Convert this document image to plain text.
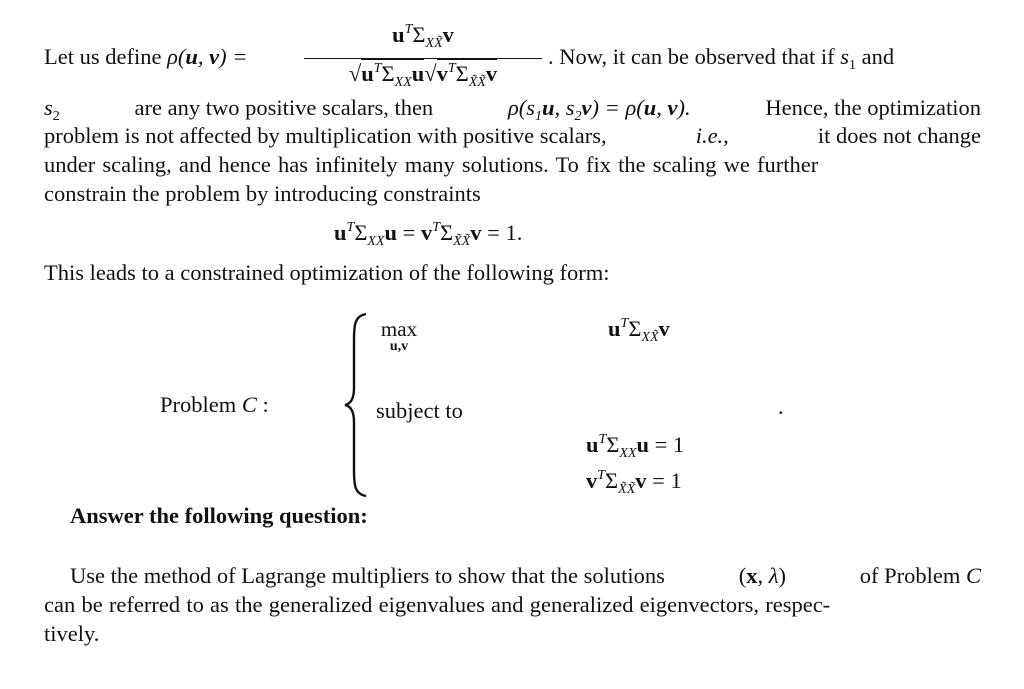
Let us define ρ(u, v) =
$u^T\Sigma_{XX̃}v$
$√u^T\Sigma_{XX}u√v^T\Sigma_{X̃X̃}v$
. Now, it can be observed that if $s_1$ and
$s_2$	are any two positive scalars, then	$\rho(s_1u$, $s_2v) = \rho(u$, v).	Hence, the optimization
problem is not affected by multiplication with positive scalars,	i.e.,	it does not change
under scaling, and hence has infinitely many solutions. To fix the scaling we further
constrain the problem by introducing constraints
$u^T\Sigma_{XX}u = v^T\Sigma_{X̃X̃}v = 1$.
This leads to a constrained optimization of the following form:
Problem C :
max
u,v
$u^T\Sigma_{XX̃}v$
subject to	.
$u^T\Sigma_{XX}u = 1$
$v^T\Sigma_{X̃X̃}v = 1$
Answer the following question:
Use the method of Lagrange multipliers to show that the solutions	(x, λ)	of Problem C
can be referred to as the generalized eigenvalues and generalized eigenvectors, respec-
tively.
